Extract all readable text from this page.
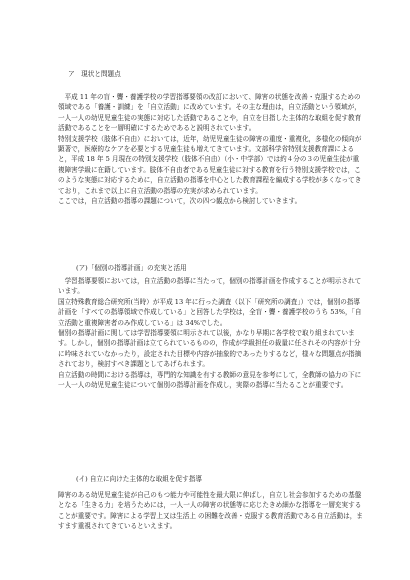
ア　現状と問題点

平成 11 年の盲・聾・養護学校の学習指導要領の改訂において、障害の状態を改善・克服するための領域である「養護・訓練」を「自立活動」に改めています。その主な理由は，自立活動という領域が，一人一人の幼児児童生徒の実態に対応した活動であることや，自立を目指した主体的な取組を促す教育活動であることを一層明確にするためであると説明されています。

特別支援学校（肢体不自由）においては，近年，幼児児童生徒の障害の重度・重複化，多様化の傾向が顕著で，医療的なケアを必要とする児童生徒も増えてきています。文部科学省特別支援教育課によると，平成 18 年 5 月現在の特別支援学校（肢体不自由）（小・中学部）では約４分の３の児童生徒が重複障害学級に在籍しています。肢体不自由者である児童生徒に対する教育を行う特別支援学校では，このような実態に対応するために，自立活動の指導を中心とした教育課程を編成する学校が多くなってきており，これまで以上に自立活動の指導の充実が求められています。

ここでは，自立活動の指導の課題について，次の四つ観点から検討していきます。

(ア)「個別の指導計画」の充実と活用

学習指導要領においては，自立活動の指導に当たって，個別の指導計画を作成することが明示されています。

国立特殊教育総合研究所(当時）が平成 13 年に行った調査（以下「研究所の調査」）では，個別の指導計画を「すべての指導領域で作成している」と回答した学校は，全盲・聾・養護学校のうち 53%，「自立活動と重複障害者のみ作成している」は 34%でした。

個別の指導計画に関しては学習指導要領に明示されて以後，かなり早期に各学校で取り組まれています。しかし，個別の指導計画は立てられているものの，作成が学級担任の裁量に任されその内容が十分に吟味されていなかったり，設定された目標や内容が抽象的であったりするなど，様々な問題点が指摘されており，検討すべき課題としてあげられます。

自立活動の時間における指導は，専門的な知識を有する教師の意見を参考にして，全教師の協力の下に一人一人の幼児児童生徒について個別の指導計画を作成し，実際の指導に当たることが重要です。

(イ) 自立に向けた主体的な取組を促す指導

障害のある幼児児童生徒が自己のもつ能力や可能性を最大限に伸ばし，自立し社会参加するための基盤となる「生きる力」を培うためには，一人一人の障害の状態等に応じたきめ細かな指導を一層充実することが重要です。障害による学習上又は生活上 の困難を改善・克服する教育活動である自立活動は，ますます重視されてきているといえます。
